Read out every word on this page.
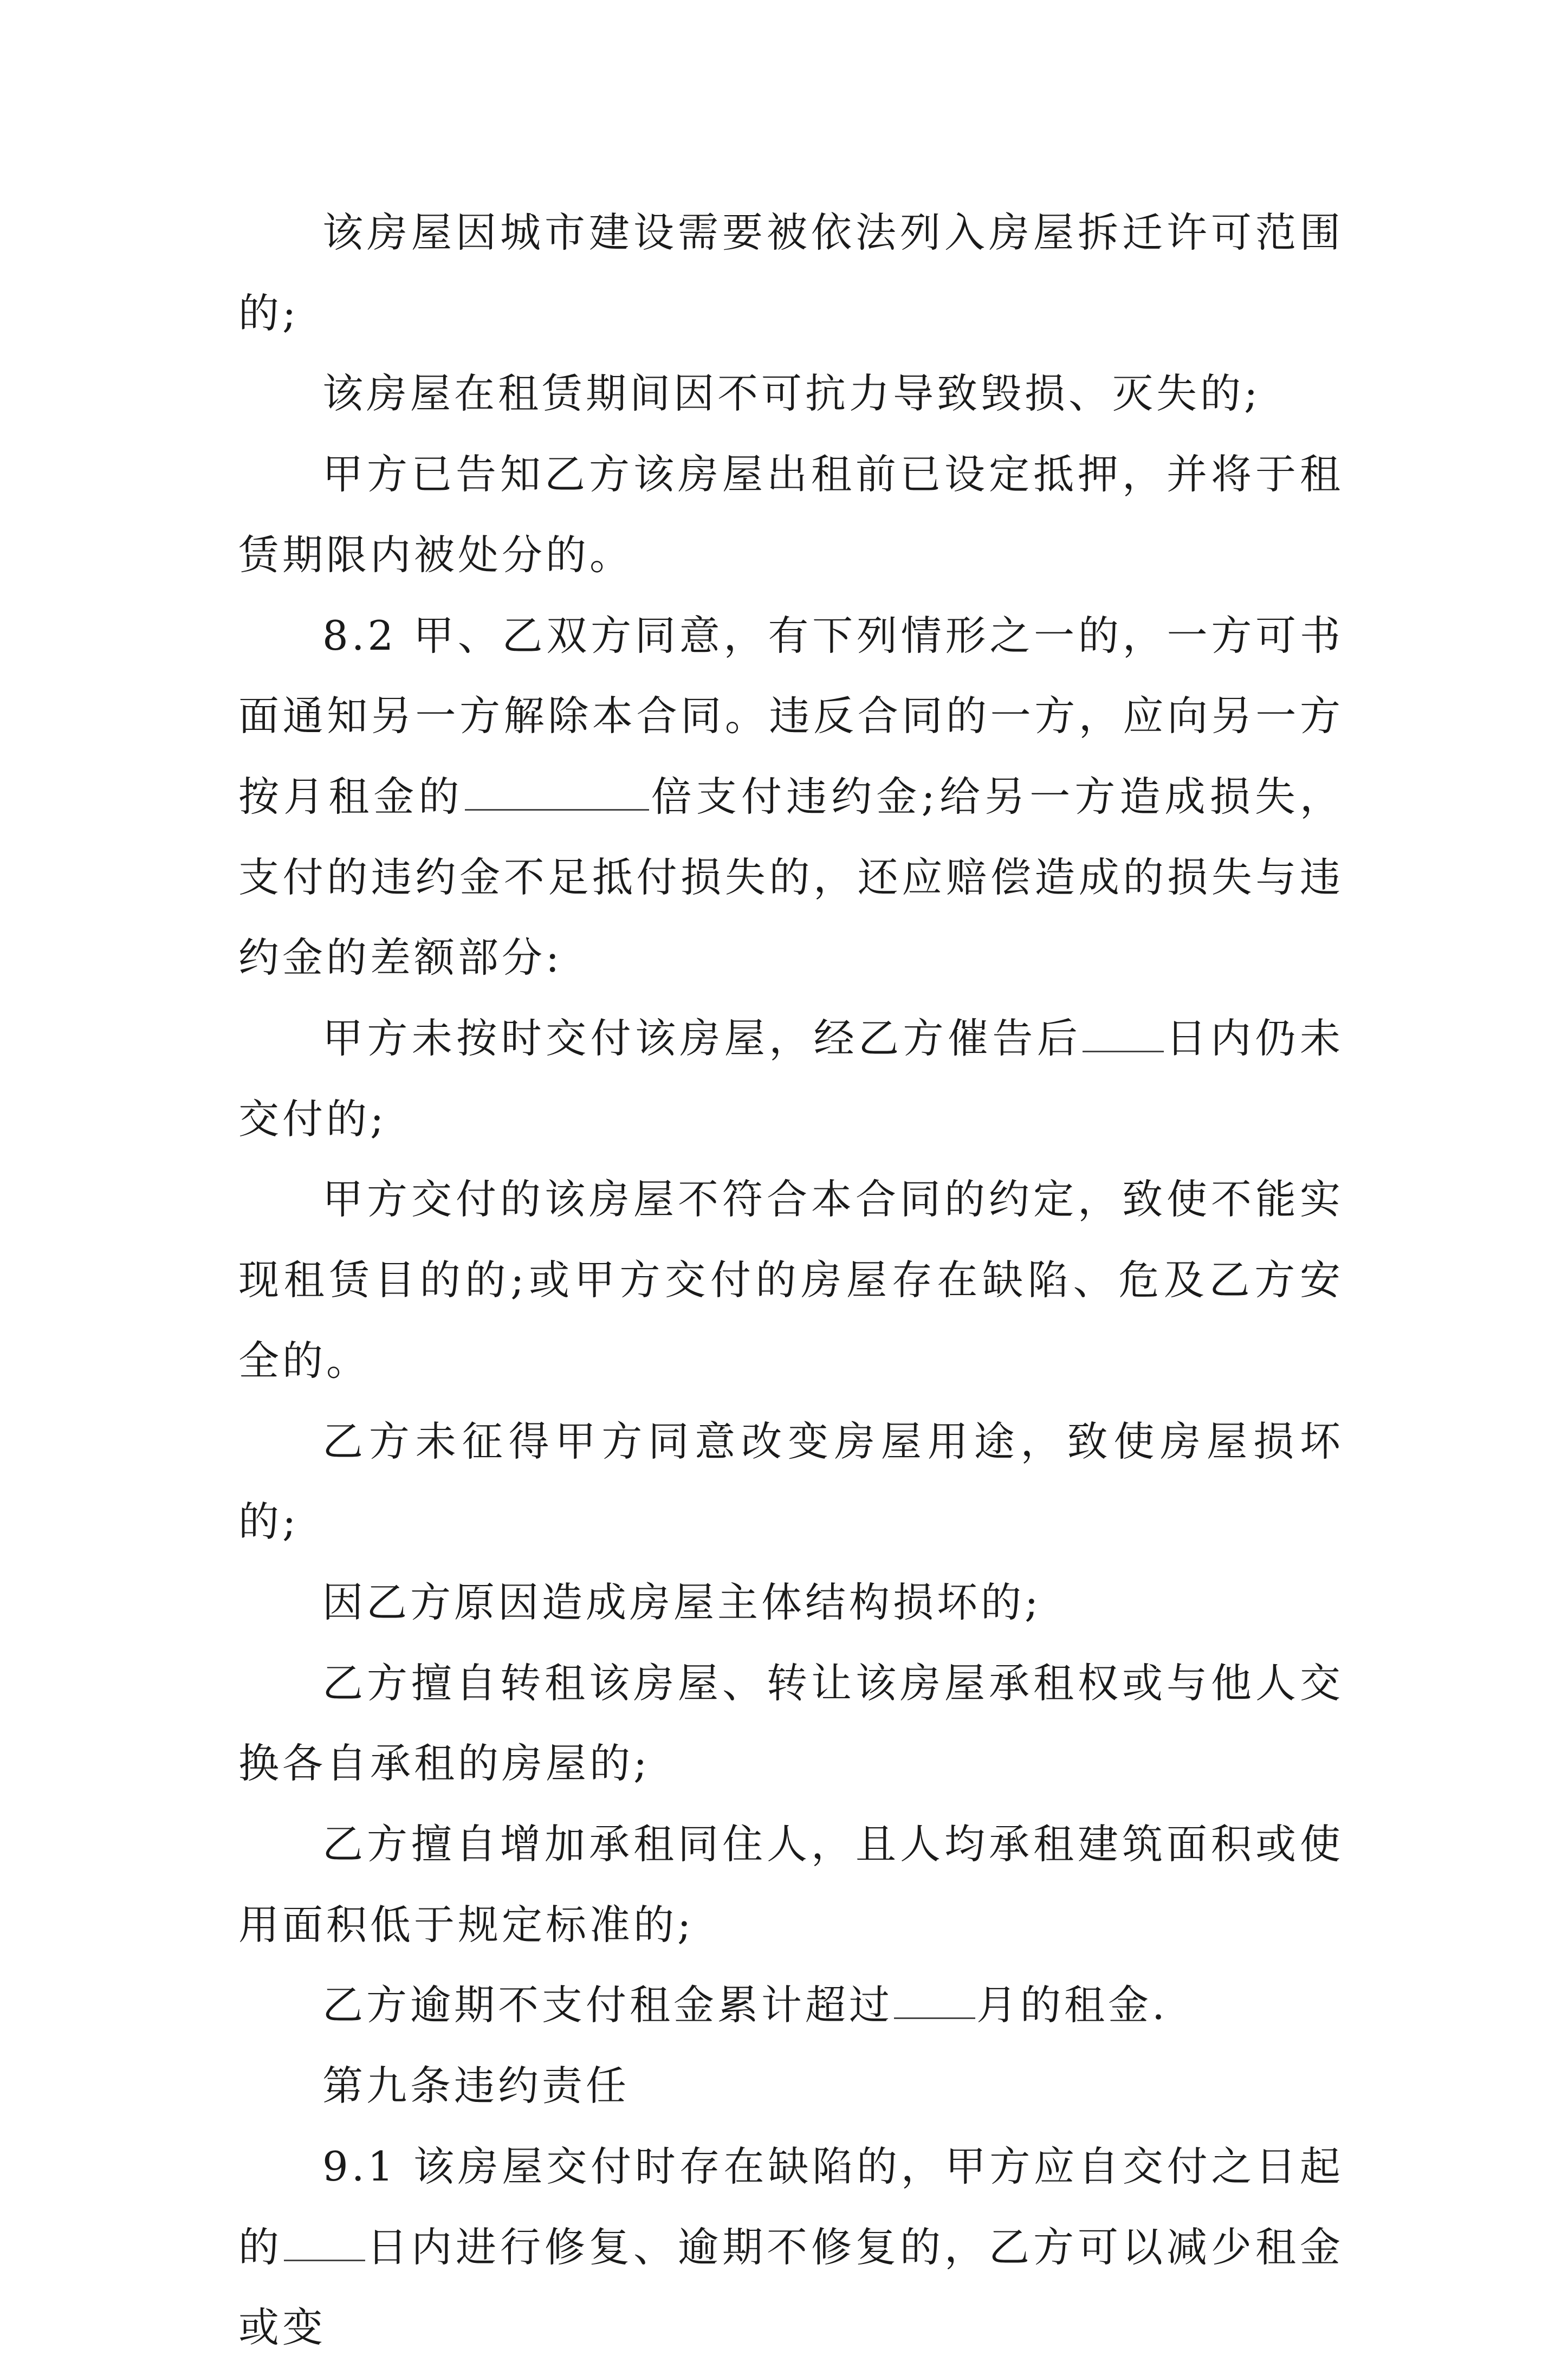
该房屋因城市建设需要被依法列入房屋拆迁许可范围的;

该房屋在租赁期间因不可抗力导致毁损、灭失的;

甲方已告知乙方该房屋出租前已设定抵押，并将于租赁期限内被处分的。

8.2 甲、乙双方同意，有下列情形之一的，一方可书面通知另一方解除本合同。违反合同的一方，应向另一方按月租金的	倍支付违约金;给另一方造成损失，支付的违约金不足抵付损失的，还应赔偿造成的损失与违约金的差额部分:

甲方未按时交付该房屋，经乙方催告后 日内仍未交付的;

甲方交付的该房屋不符合本合同的约定，致使不能实现租赁目的的;或甲方交付的房屋存在缺陷、危及乙方安全的。

乙方未征得甲方同意改变房屋用途，致使房屋损坏的;

因乙方原因造成房屋主体结构损坏的;

乙方擅自转租该房屋、转让该房屋承租权或与他人交换各自承租的房屋的;

乙方擅自增加承租同住人，且人均承租建筑面积或使用面积低于规定标准的;

乙方逾期不支付租金累计超过 月的租金.

第九条违约责任

9.1 该房屋交付时存在缺陷的，甲方应自交付之日起的 日内进行修复、逾期不修复的，乙方可以减少租金或变
